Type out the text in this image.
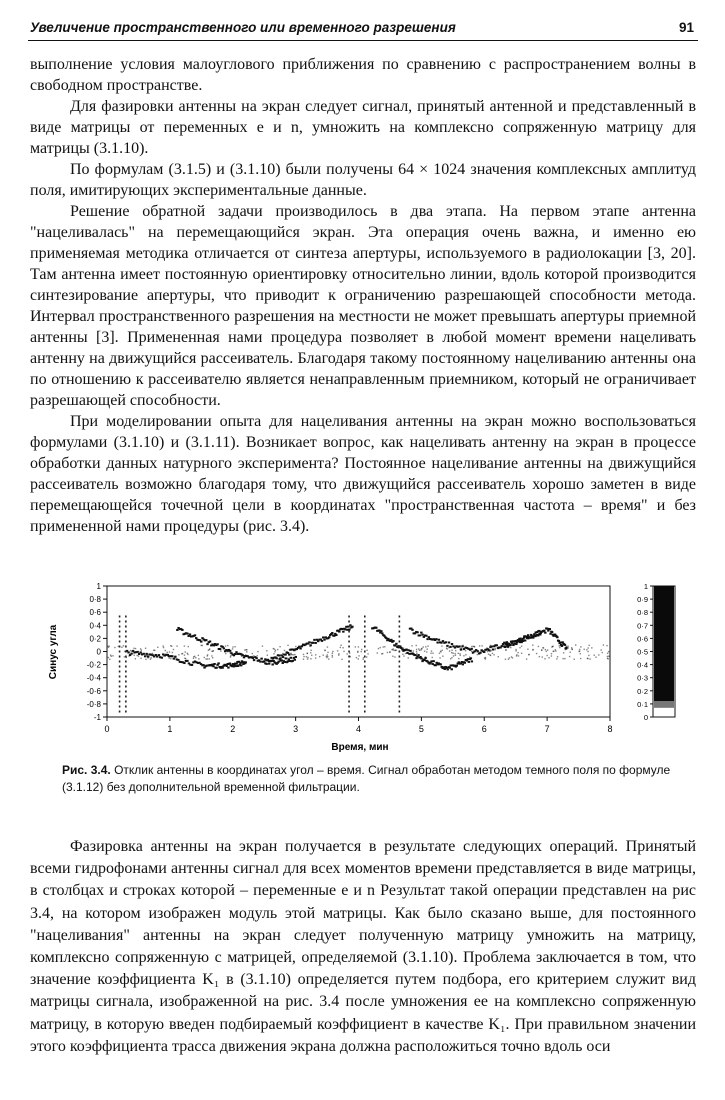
Увеличение пространственного или временного разрешения	91

выполнение условия малоуглового приближения по сравнению с распространением волны в свободном пространстве.

Для фазировки антенны на экран следует сигнал, принятый антенной и представленный в виде матрицы от переменных e и n, умножить на комплексно сопряженную матрицу для матрицы (3.1.10).

По формулам (3.1.5) и (3.1.10) были получены 64 × 1024 значения комплексных амплитуд поля, имитирующих экспериментальные данные.

Решение обратной задачи производилось в два этапа. На первом этапе антенна "нацеливалась" на перемещающийся экран. Эта операция очень важна, и именно ею применяемая методика отличается от синтеза апертуры, используемого в радиолокации [3, 20]. Там антенна имеет постоянную ориентировку относительно линии, вдоль которой производится синтезирование апертуры, что приводит к ограничению разрешающей способности метода. Интервал пространственного разрешения на местности не может превышать апертуры приемной антенны [3]. Примененная нами процедура позволяет в любой момент времени нацеливать антенну на движущийся рассеиватель. Благодаря такому постоянному нацеливанию антенны она по отношению к рассеивателю является ненаправленным приемником, который не ограничивает разрешающей способности.

При моделировании опыта для нацеливания антенны на экран можно воспользоваться формулами (3.1.10) и (3.1.11). Возникает вопрос, как нацеливать антенну на экран в процессе обработки данных натурного эксперимента? Постоянное нацеливание антенны на движущийся рассеиватель возможно благодаря тому, что движущийся рассеиватель хорошо заметен в виде перемещающейся точечной цели в координатах "пространственная частота – время" и без примененной нами процедуры (рис. 3.4).

Синус угла
Время, мин
1
0·8
0·6
0·4
0·2
0
-0·2
-0·4
-0·6
-0·8
-1
0	1	2	3	4	5	6	7	8
1
0·9
0·8
0·7
0·6
0·5
0·4
0·3
0·2
0·1
0
Рис. 3.4. Отклик антенны в координатах угол – время. Сигнал обработан методом темного поля по формуле (3.1.12) без дополнительной временной фильтрации.

Фазировка антенны на экран получается в результате следующих операций. Принятый всеми гидрофонами антенны сигнал для всех моментов времени представляется в виде матрицы, в столбцах и строках которой – переменные e и n Результат такой операции представлен на рис 3.4, на котором изображен модуль этой матрицы. Как было сказано выше, для постоянного "нацеливания" антенны на экран следует полученную матрицу умножить на матрицу, комплексно сопряженную с матрицей, определяемой (3.1.10). Проблема заключается в том, что значение коэффициента K₁ в (3.1.10) определяется путем подбора, его критерием служит вид матрицы сигнала, изображенной на рис. 3.4 после умножения ее на комплексно сопряженную матрицу, в которую введен подбираемый коэффициент в качестве K₁. При правильном значении этого коэффициента трасса движения экрана должна расположиться точно вдоль оси
